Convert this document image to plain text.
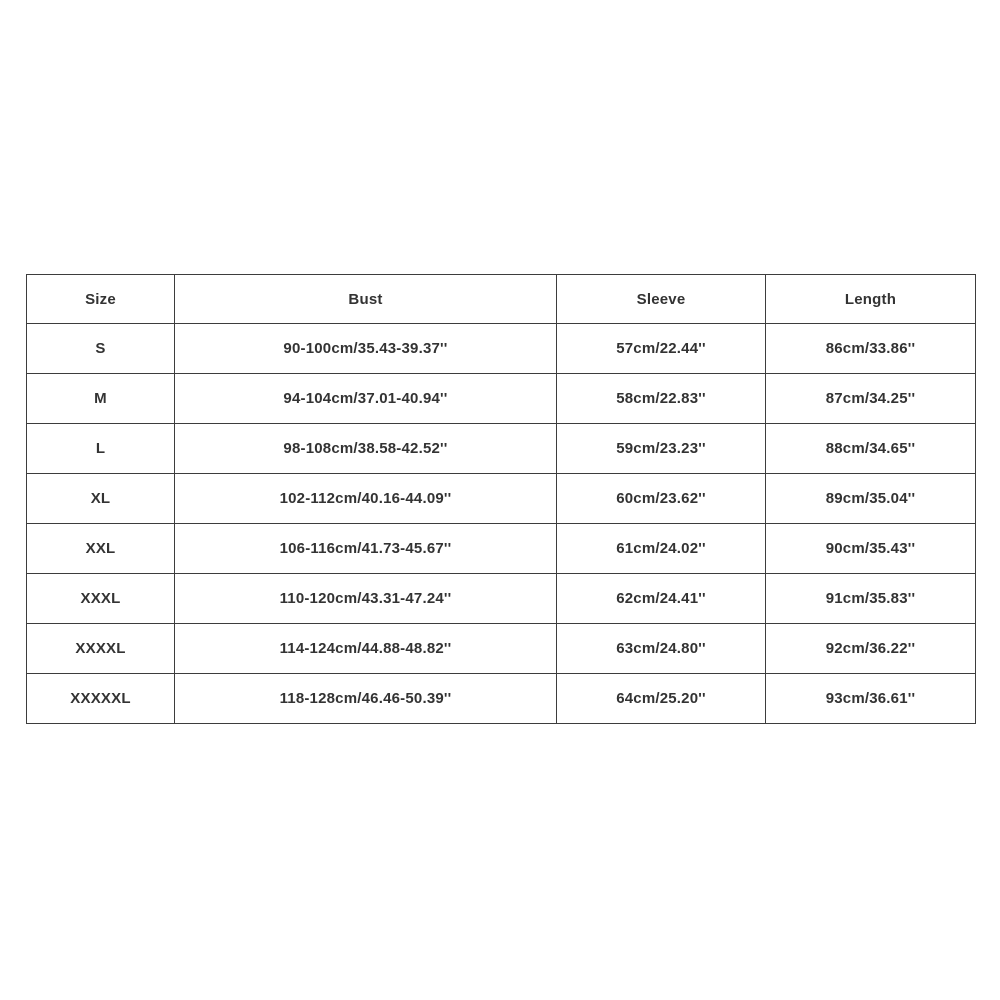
Size	Bust	Sleeve	Length
S	90-100cm/35.43-39.37''	57cm/22.44''	86cm/33.86''
M	94-104cm/37.01-40.94''	58cm/22.83''	87cm/34.25''
L	98-108cm/38.58-42.52''	59cm/23.23''	88cm/34.65''
XL	102-112cm/40.16-44.09''	60cm/23.62''	89cm/35.04''
XXL	106-116cm/41.73-45.67''	61cm/24.02''	90cm/35.43''
XXXL	110-120cm/43.31-47.24''	62cm/24.41''	91cm/35.83''
XXXXL	114-124cm/44.88-48.82''	63cm/24.80''	92cm/36.22''
XXXXXL	118-128cm/46.46-50.39''	64cm/25.20''	93cm/36.61''
